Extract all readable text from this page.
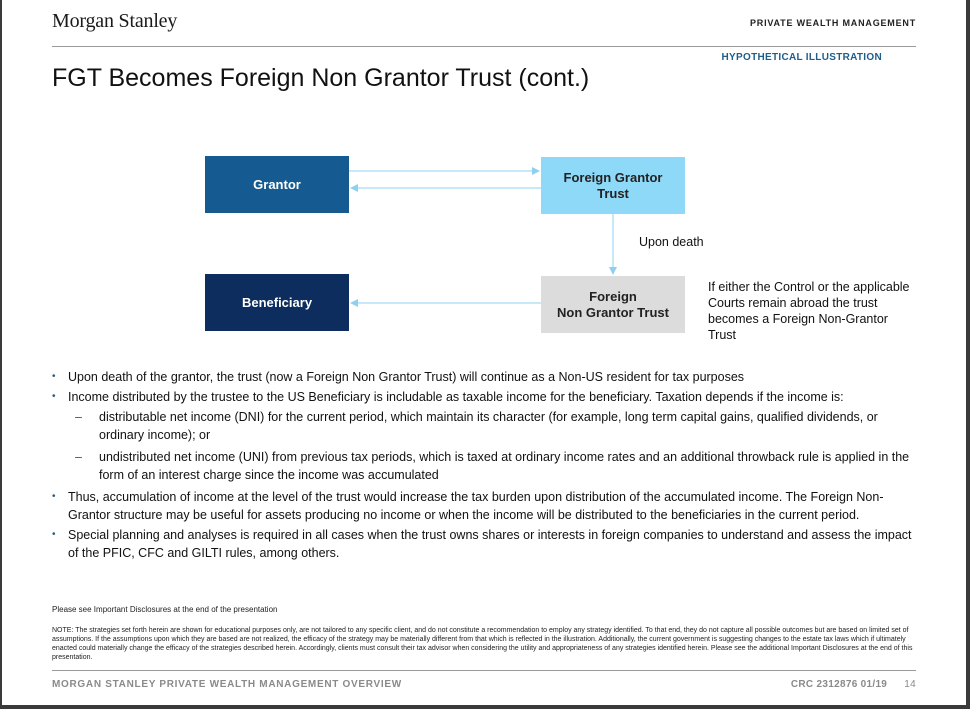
Morgan Stanley	PRIVATE WEALTH MANAGEMENT
HYPOTHETICAL ILLUSTRATION
FGT Becomes Foreign Non Grantor Trust (cont.)
Grantor	Foreign Grantor
Trust
Beneficiary	Foreign
Non Grantor Trust
Upon death
If either the Control or the applicable Courts remain abroad the trust becomes a Foreign Non-Grantor Trust

• Upon death of the grantor, the trust (now a Foreign Non Grantor Trust) will continue as a Non-US resident for tax purposes

• Income distributed by the trustee to the US Beneficiary is includable as taxable income for the beneficiary. Taxation depends if the income is:

– distributable net income (DNI) for the current period, which maintain its character (for example, long term capital gains, qualified dividends, or ordinary income); or

– undistributed net income (UNI) from previous tax periods, which is taxed at ordinary income rates and an additional throwback rule is applied in the form of an interest charge since the income was accumulated

• Thus, accumulation of income at the level of the trust would increase the tax burden upon distribution of the accumulated income. The Foreign Non-Grantor structure may be useful for assets producing no income or when the income will be distributed to the beneficiaries in the current period.

• Special planning and analyses is required in all cases when the trust owns shares or interests in foreign companies to understand and assess the impact of the PFIC, CFC and GILTI rules, among others.

Please see Important Disclosures at the end of the presentation

NOTE: The strategies set forth herein are shown for educational purposes only, are not tailored to any specific client, and do not constitute a recommendation to employ any strategy identified. To that end, they do not capture all possible outcomes but are based on limited set of assumptions. If the assumptions upon which they are based are not realized, the efficacy of the strategy may be materially different from that which is reflected in the illustration. Additionally, the current government is suggesting changes to the estate tax laws which if ultimately enacted could materially change the efficacy of the strategies described herein. Accordingly, clients must consult their tax advisor when considering the utility and appropriateness of any strategies identified herein. Please see the additional Important Disclosures at the end of this presentation.

MORGAN STANLEY PRIVATE WEALTH MANAGEMENT OVERVIEW	CRC 2312876 01/19 14
